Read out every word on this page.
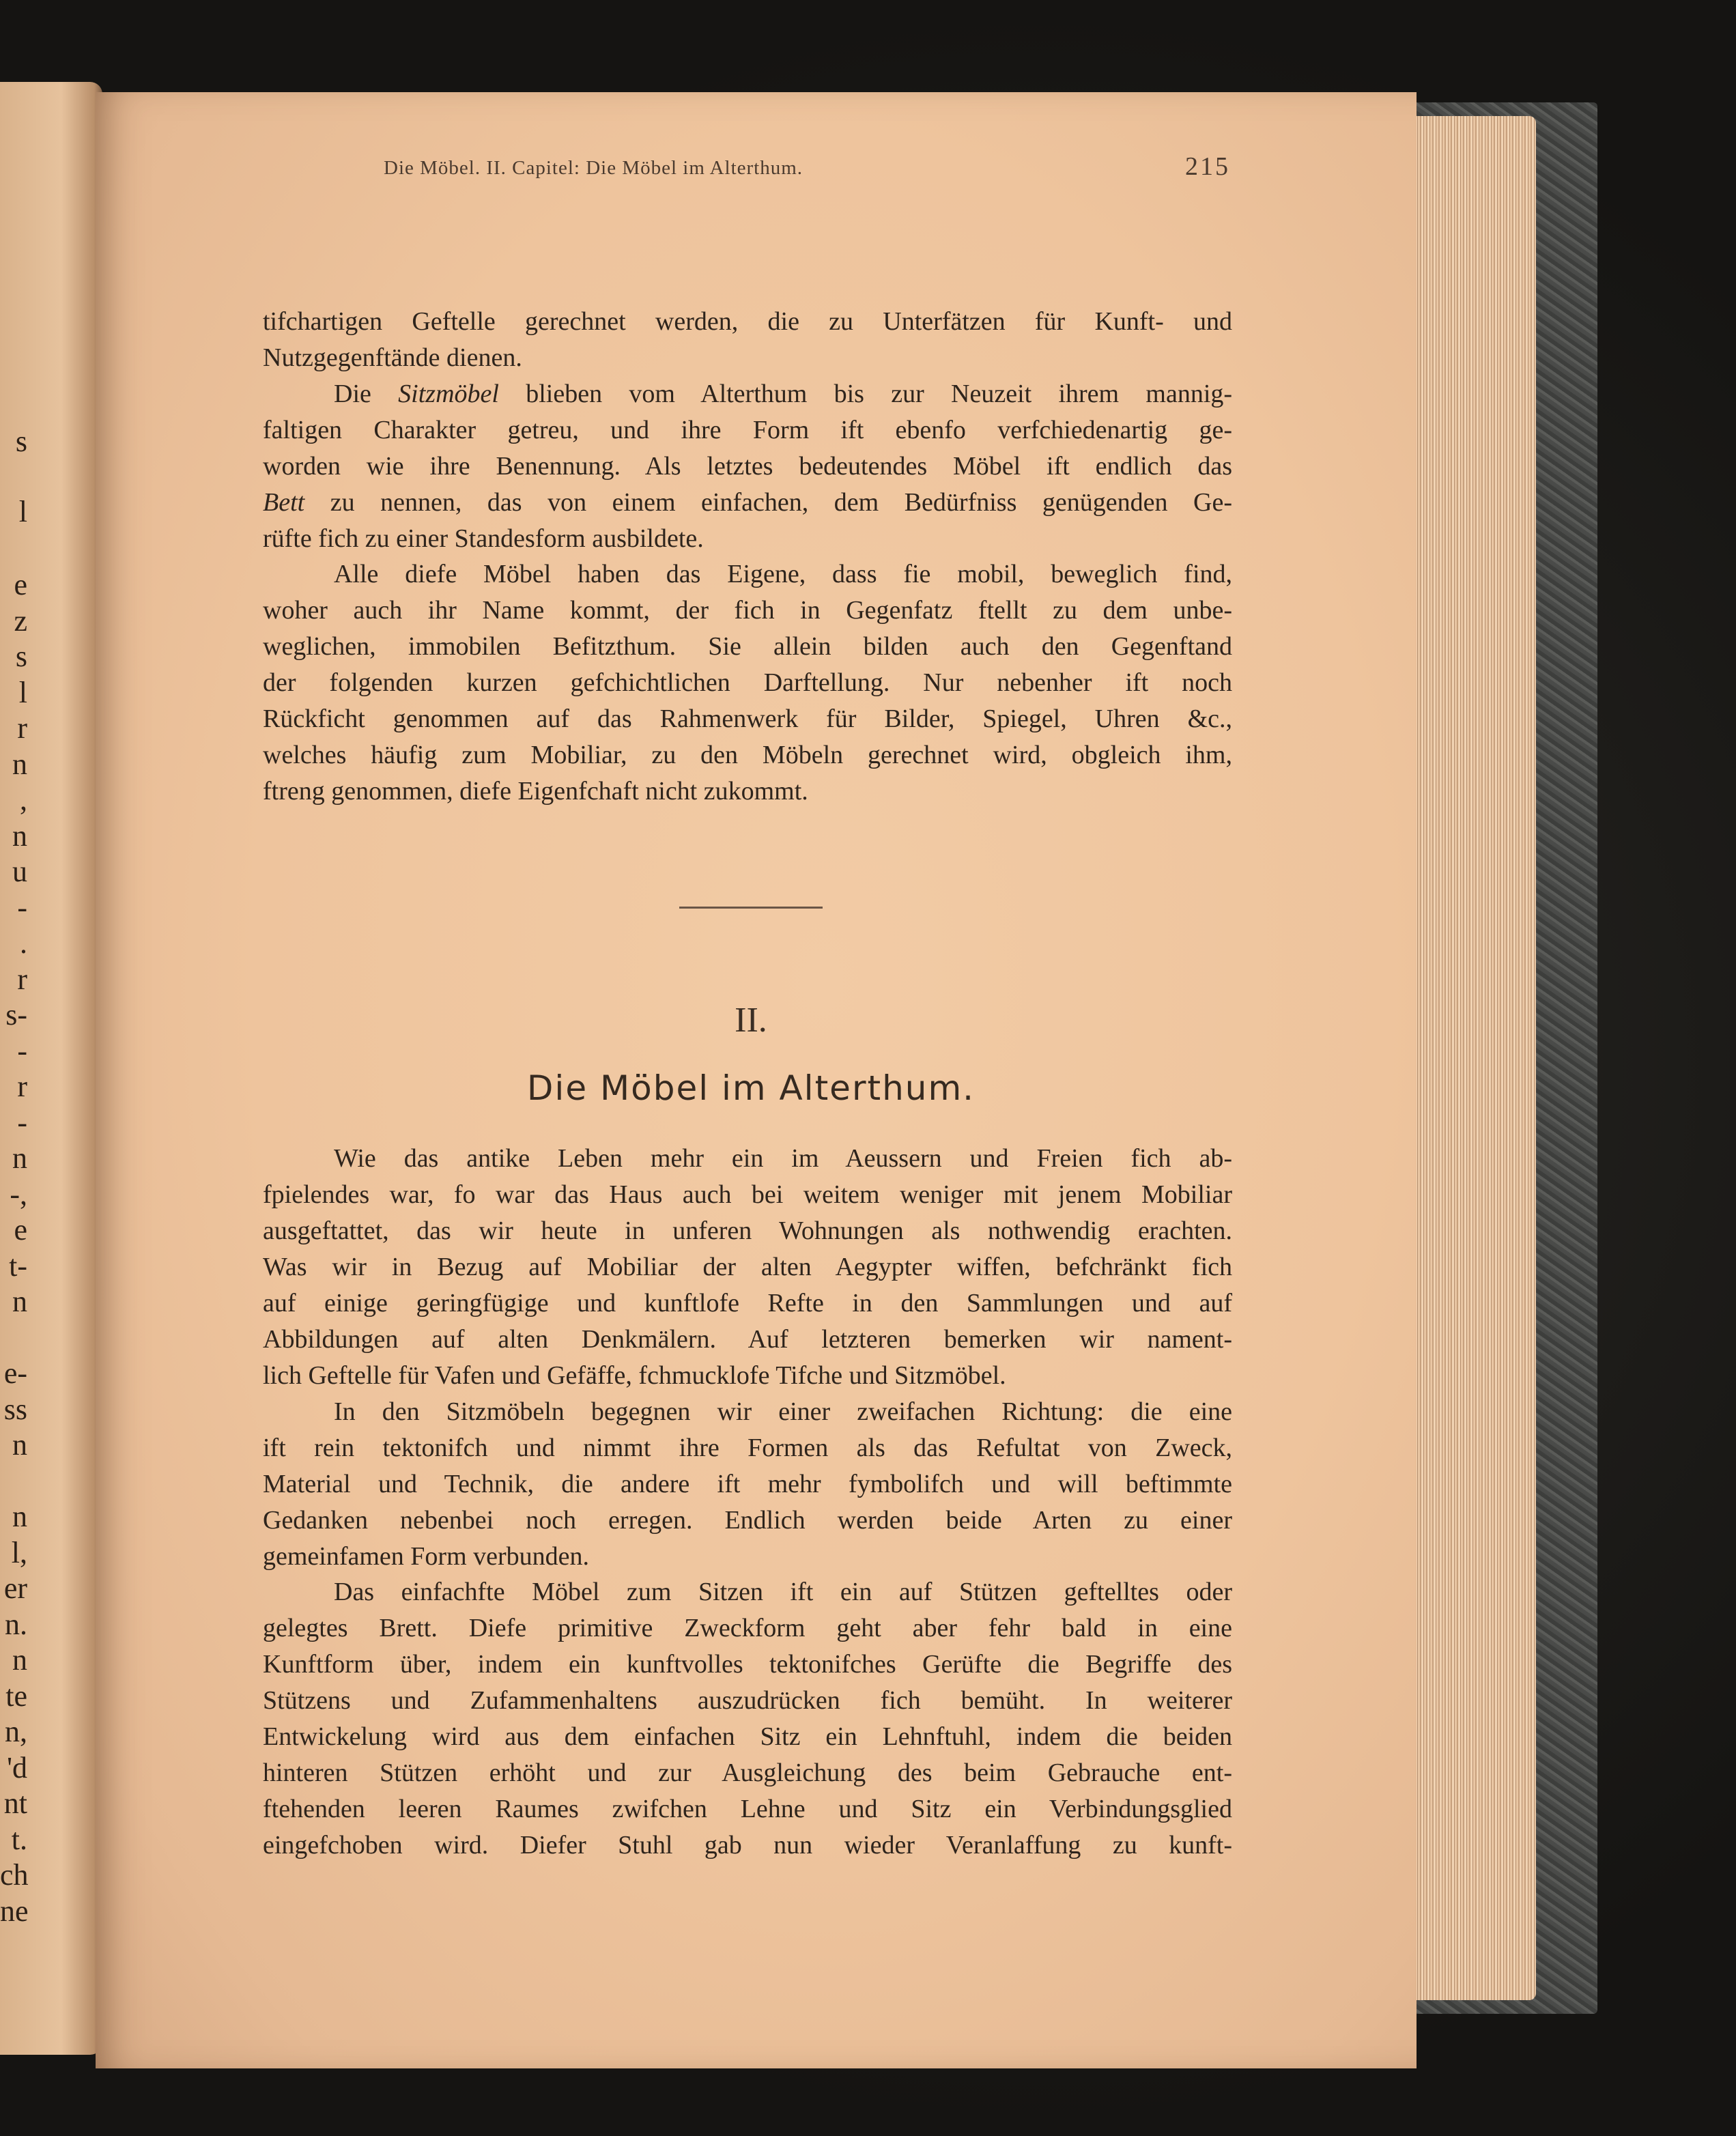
s
l
e
z
s
l
r
n
,
n
u
-
.
r
s-
-
r
-
n
-,
e
t-
n
e-
ss
n
n
l,
er
n.
n
te
n,
'd
nt
t.
ch
ne
Die Möbel. II. Capitel: Die Möbel im Alterthum.	215
tifchartigen Geftelle gerechnet werden, die zu Unterfätzen für Kunft- und
Nutzgegenftände dienen.
Die Sitzmöbel blieben vom Alterthum bis zur Neuzeit ihrem mannig-
faltigen Charakter getreu, und ihre Form ift ebenfo verfchiedenartig ge-
worden wie ihre Benennung. Als letztes bedeutendes Möbel ift endlich das
Bett zu nennen, das von einem einfachen, dem Bedürfniss genügenden Ge-
rüfte fich zu einer Standesform ausbildete.
Alle diefe Möbel haben das Eigene, dass fie mobil, beweglich find,
woher auch ihr Name kommt, der fich in Gegenfatz ftellt zu dem unbe-
weglichen, immobilen Befitzthum. Sie allein bilden auch den Gegenftand
der folgenden kurzen gefchichtlichen Darftellung. Nur nebenher ift noch
Rückficht genommen auf das Rahmenwerk für Bilder, Spiegel, Uhren &c.,
welches häufig zum Mobiliar, zu den Möbeln gerechnet wird, obgleich ihm,
ftreng genommen, diefe Eigenfchaft nicht zukommt.
II.
Die Möbel im Alterthum.
Wie das antike Leben mehr ein im Aeussern und Freien fich ab-
fpielendes war, fo war das Haus auch bei weitem weniger mit jenem Mobiliar
ausgeftattet, das wir heute in unferen Wohnungen als nothwendig erachten.
Was wir in Bezug auf Mobiliar der alten Aegypter wiffen, befchränkt fich
auf einige geringfügige und kunftlofe Refte in den Sammlungen und auf
Abbildungen auf alten Denkmälern. Auf letzteren bemerken wir nament-
lich Geftelle für Vafen und Gefäffe, fchmucklofe Tifche und Sitzmöbel.
In den Sitzmöbeln begegnen wir einer zweifachen Richtung: die eine
ift rein tektonifch und nimmt ihre Formen als das Refultat von Zweck,
Material und Technik, die andere ift mehr fymbolifch und will beftimmte
Gedanken nebenbei noch erregen. Endlich werden beide Arten zu einer
gemeinfamen Form verbunden.
Das einfachfte Möbel zum Sitzen ift ein auf Stützen geftelltes oder
gelegtes Brett. Diefe primitive Zweckform geht aber fehr bald in eine
Kunftform über, indem ein kunftvolles tektonifches Gerüfte die Begriffe des
Stützens und Zufammenhaltens auszudrücken fich bemüht. In weiterer
Entwickelung wird aus dem einfachen Sitz ein Lehnftuhl, indem die beiden
hinteren Stützen erhöht und zur Ausgleichung des beim Gebrauche ent-
ftehenden leeren Raumes zwifchen Lehne und Sitz ein Verbindungsglied
eingefchoben wird. Diefer Stuhl gab nun wieder Veranlaffung zu kunft-
